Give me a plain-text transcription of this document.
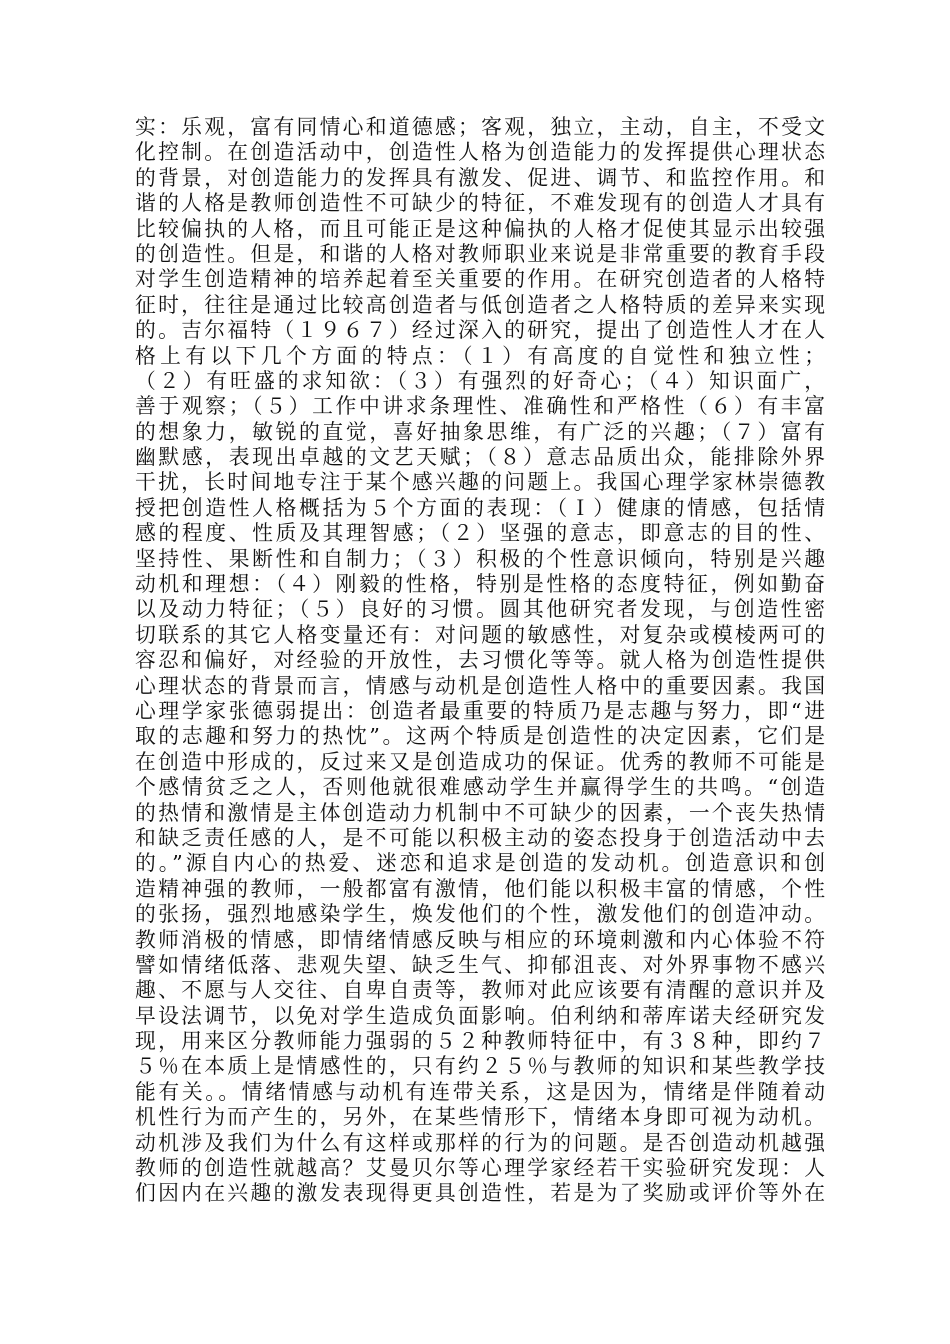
实：乐观，富有同情心和道德感；客观，独立，主动，自主，不受文
化控制。在创造活动中，创造性人格为创造能力的发挥提供心理状态
的背景，对创造能力的发挥具有激发、促进、调节、和监控作用。和
谐的人格是教师创造性不可缺少的特征，不难发现有的创造人才具有
比较偏执的人格，而且可能正是这种偏执的人格才促使其显示出较强
的创造性。但是，和谐的人格对教师职业来说是非常重要的教育手段
对学生创造精神的培养起着至关重要的作用。在研究创造者的人格特
征时，往往是通过比较高创造者与低创造者之人格特质的差异来实现
的。吉尔福特（１９６７）经过深入的研究，提出了创造性人才在人
格上有以下几个方面的特点：（１）有高度的自觉性和独立性；
（２）有旺盛的求知欲：（３）有强烈的好奇心；（４）知识面广，
善于观察；（５）工作中讲求条理性、准确性和严格性（６）有丰富
的想象力，敏锐的直觉，喜好抽象思维，有广泛的兴趣；（７）富有
幽默感，表现出卓越的文艺天赋；（８）意志品质出众，能排除外界
干扰，长时间地专注于某个感兴趣的问题上。我国心理学家林崇德教
授把创造性人格概括为５个方面的表现：（Ｉ）健康的情感，包括情
感的程度、性质及其理智感；（２）坚强的意志，即意志的目的性、
坚持性、果断性和自制力；（３）积极的个性意识倾向，特别是兴趣
动机和理想：（４）刚毅的性格，特别是性格的态度特征，例如勤奋
以及动力特征；（５）良好的习惯。圆其他研究者发现，与创造性密
切联系的其它人格变量还有：对问题的敏感性，对复杂或模棱两可的
容忍和偏好，对经验的开放性，去习惯化等等。就人格为创造性提供
心理状态的背景而言，情感与动机是创造性人格中的重要因素。我国
心理学家张德弱提出：创造者最重要的特质乃是志趣与努力，即“进
取的志趣和努力的热忱”。这两个特质是创造性的决定因素，它们是
在创造中形成的，反过来又是创造成功的保证。优秀的教师不可能是
个感情贫乏之人，否则他就很难感动学生并赢得学生的共鸣。“创造
的热情和激情是主体创造动力机制中不可缺少的因素，一个丧失热情
和缺乏责任感的人，是不可能以积极主动的姿态投身于创造活动中去
的。”源自内心的热爱、迷恋和追求是创造的发动机。创造意识和创
造精神强的教师，一般都富有激情，他们能以积极丰富的情感，个性
的张扬，强烈地感染学生，焕发他们的个性，激发他们的创造冲动。
教师消极的情感，即情绪情感反映与相应的环境刺激和内心体验不符
譬如情绪低落、悲观失望、缺乏生气、抑郁沮丧、对外界事物不感兴
趣、不愿与人交往、自卑自责等，教师对此应该要有清醒的意识并及
早设法调节，以免对学生造成负面影响。伯利纳和蒂库诺夫经研究发
现，用来区分教师能力强弱的５２种教师特征中，有３８种，即约７
５％在本质上是情感性的，只有约２５％与教师的知识和某些教学技
能有关。。情绪情感与动机有连带关系，这是因为，情绪是伴随着动
机性行为而产生的，另外，在某些情形下，情绪本身即可视为动机。
动机涉及我们为什么有这样或那样的行为的问题。是否创造动机越强
教师的创造性就越高？艾曼贝尔等心理学家经若干实验研究发现：人
们因内在兴趣的激发表现得更具创造性，若是为了奖励或评价等外在
